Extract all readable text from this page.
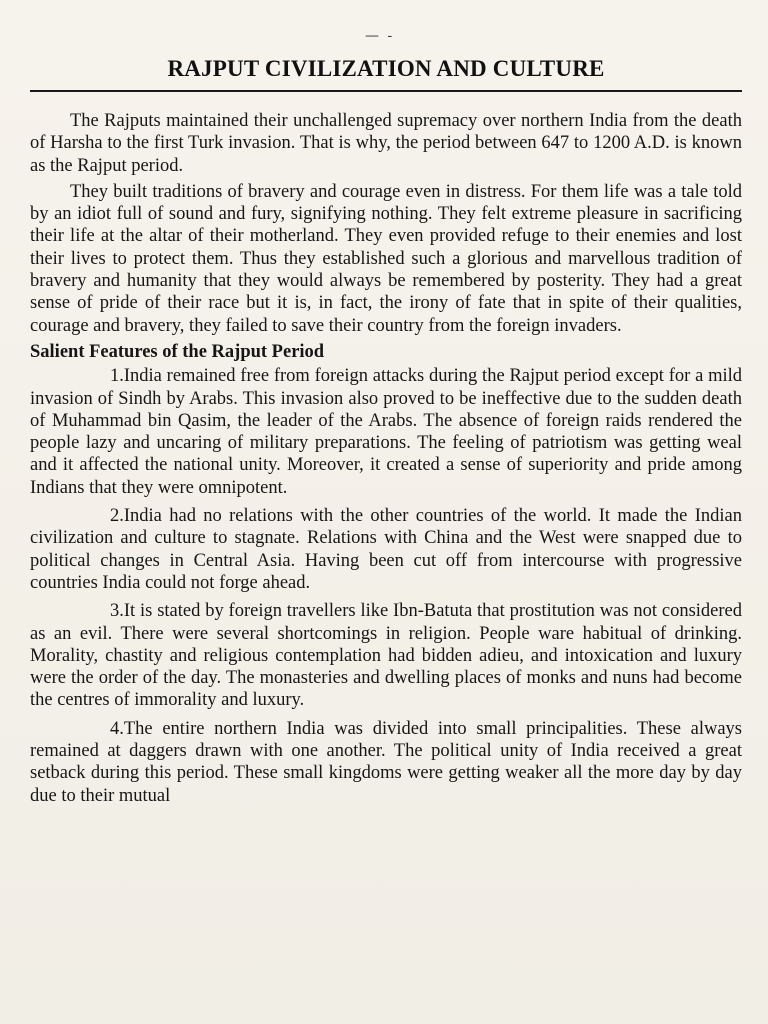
— -
RAJPUT CIVILIZATION AND CULTURE

The Rajputs maintained their unchallenged supremacy over northern India from the death of Harsha to the first Turk invasion. That is why, the period between 647 to 1200 A.D. is known as the Rajput period.

They built traditions of bravery and courage even in distress. For them life was a tale told by an idiot full of sound and fury, signifying nothing. They felt extreme pleasure in sacrificing their life at the altar of their motherland. They even provided refuge to their enemies and lost their lives to protect them. Thus they established such a glorious and marvellous tradition of bravery and humanity that they would always be remembered by posterity. They had a great sense of pride of their race but it is, in fact, the irony of fate that in spite of their qualities, courage and bravery, they failed to save their country from the foreign invaders.

Salient Features of the Rajput Period

1.India remained free from foreign attacks during the Rajput period except for a mild invasion of Sindh by Arabs. This invasion also proved to be ineffective due to the sudden death of Muhammad bin Qasim, the leader of the Arabs. The absence of foreign raids rendered the people lazy and uncaring of military preparations. The feeling of patriotism was getting weal and it affected the national unity. Moreover, it created a sense of superiority and pride among Indians that they were omnipotent.

2.India had no relations with the other countries of the world. It made the Indian civilization and culture to stagnate. Relations with China and the West were snapped due to political changes in Central Asia. Having been cut off from intercourse with progressive countries India could not forge ahead.

3.It is stated by foreign travellers like Ibn-Batuta that prostitution was not considered as an evil. There were several shortcomings in religion. People ware habitual of drinking. Morality, chastity and religious contemplation had bidden adieu, and intoxication and luxury were the order of the day. The monasteries and dwelling places of monks and nuns had become the centres of immorality and luxury.

4.The entire northern India was divided into small principalities. These always remained at daggers drawn with one another. The political unity of India received a great setback during this period. These small kingdoms were getting weaker all the more day by day due to their mutual
